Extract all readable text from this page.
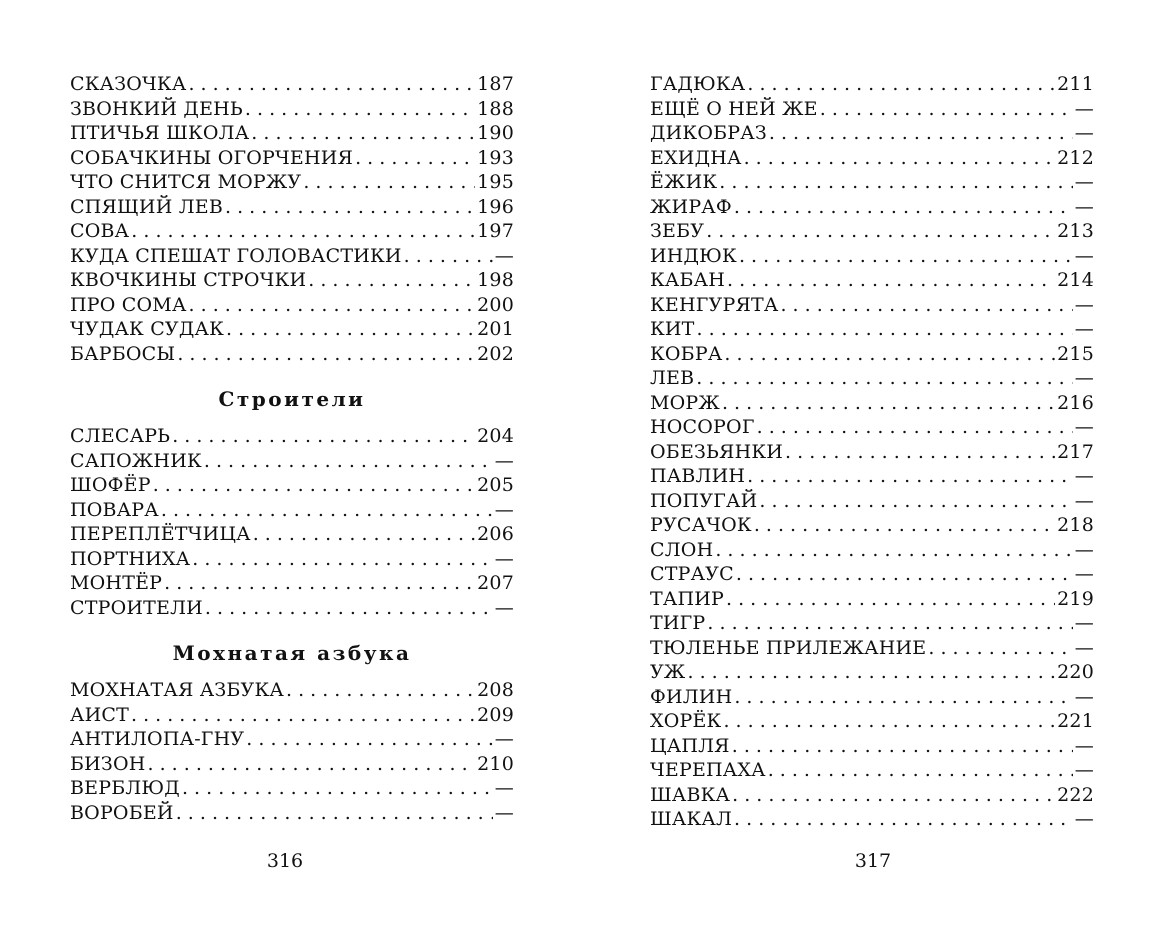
СКАЗОЧКА . . .	187
ЗВОНКИЙ ДЕНЬ . . .	188
ПТИЧЬЯ ШКОЛА . . .	190
СОБАЧКИНЫ ОГОРЧЕНИЯ . . .	193
ЧТО СНИТСЯ МОРЖУ . . .	195
СПЯЩИЙ ЛЕВ . . .	196
СОВА . . .	197
КУДА СПЕШАТ ГОЛОВАСТИКИ . . .	—
КВОЧКИНЫ СТРОЧКИ . . .	198
ПРО СОМА . . .	200
ЧУДАК СУДАК . . .	201
БАРБОСЫ . . .	202
Строители
СЛЕСАРЬ . . .	204
САПОЖНИК . . .	—
ШОФЁР . . .	205
ПОВАРА . . .	—
ПЕРЕПЛЁТЧИЦА . . .	206
ПОРТНИХА . . .	—
МОНТЁР . . .	207
СТРОИТЕЛИ . . .	—
Мохнатая азбука
МОХНАТАЯ АЗБУКА . . .	208
АИСТ . . .	209
АНТИЛОПА-ГНУ . . .	—
БИЗОН . . .	210
ВЕРБЛЮД . . .	—
ВОРОБЕЙ . . .	—
ГАДЮКА . . .	211
ЕЩЁ О НЕЙ ЖЕ . . .	—
ДИКОБРАЗ . . .	—
ЕХИДНА . . .	212
ЁЖИК . . .	—
ЖИРАФ . . .	—
ЗЕБУ . . .	213
ИНДЮК . . .	—
КАБАН . . .	214
КЕНГУРЯТА . . .	—
КИТ . . .	—
КОБРА . . .	215
ЛЕВ . . .	—
МОРЖ . . .	216
НОСОРОГ . . .	—
ОБЕЗЬЯНКИ . . .	217
ПАВЛИН . . .	—
ПОПУГАЙ . . .	—
РУСАЧОК . . .	218
СЛОН . . .	—
СТРАУС . . .	—
ТАПИР . . .	219
ТИГР . . .	—
ТЮЛЕНЬЕ ПРИЛЕЖАНИЕ . . .	—
УЖ . . .	220
ФИЛИН . . .	—
ХОРЁК . . .	221
ЦАПЛЯ . . .	—
ЧЕРЕПАХА . . .	—
ШАВКА . . .	222
ШАКАЛ . . .	—
316	317
